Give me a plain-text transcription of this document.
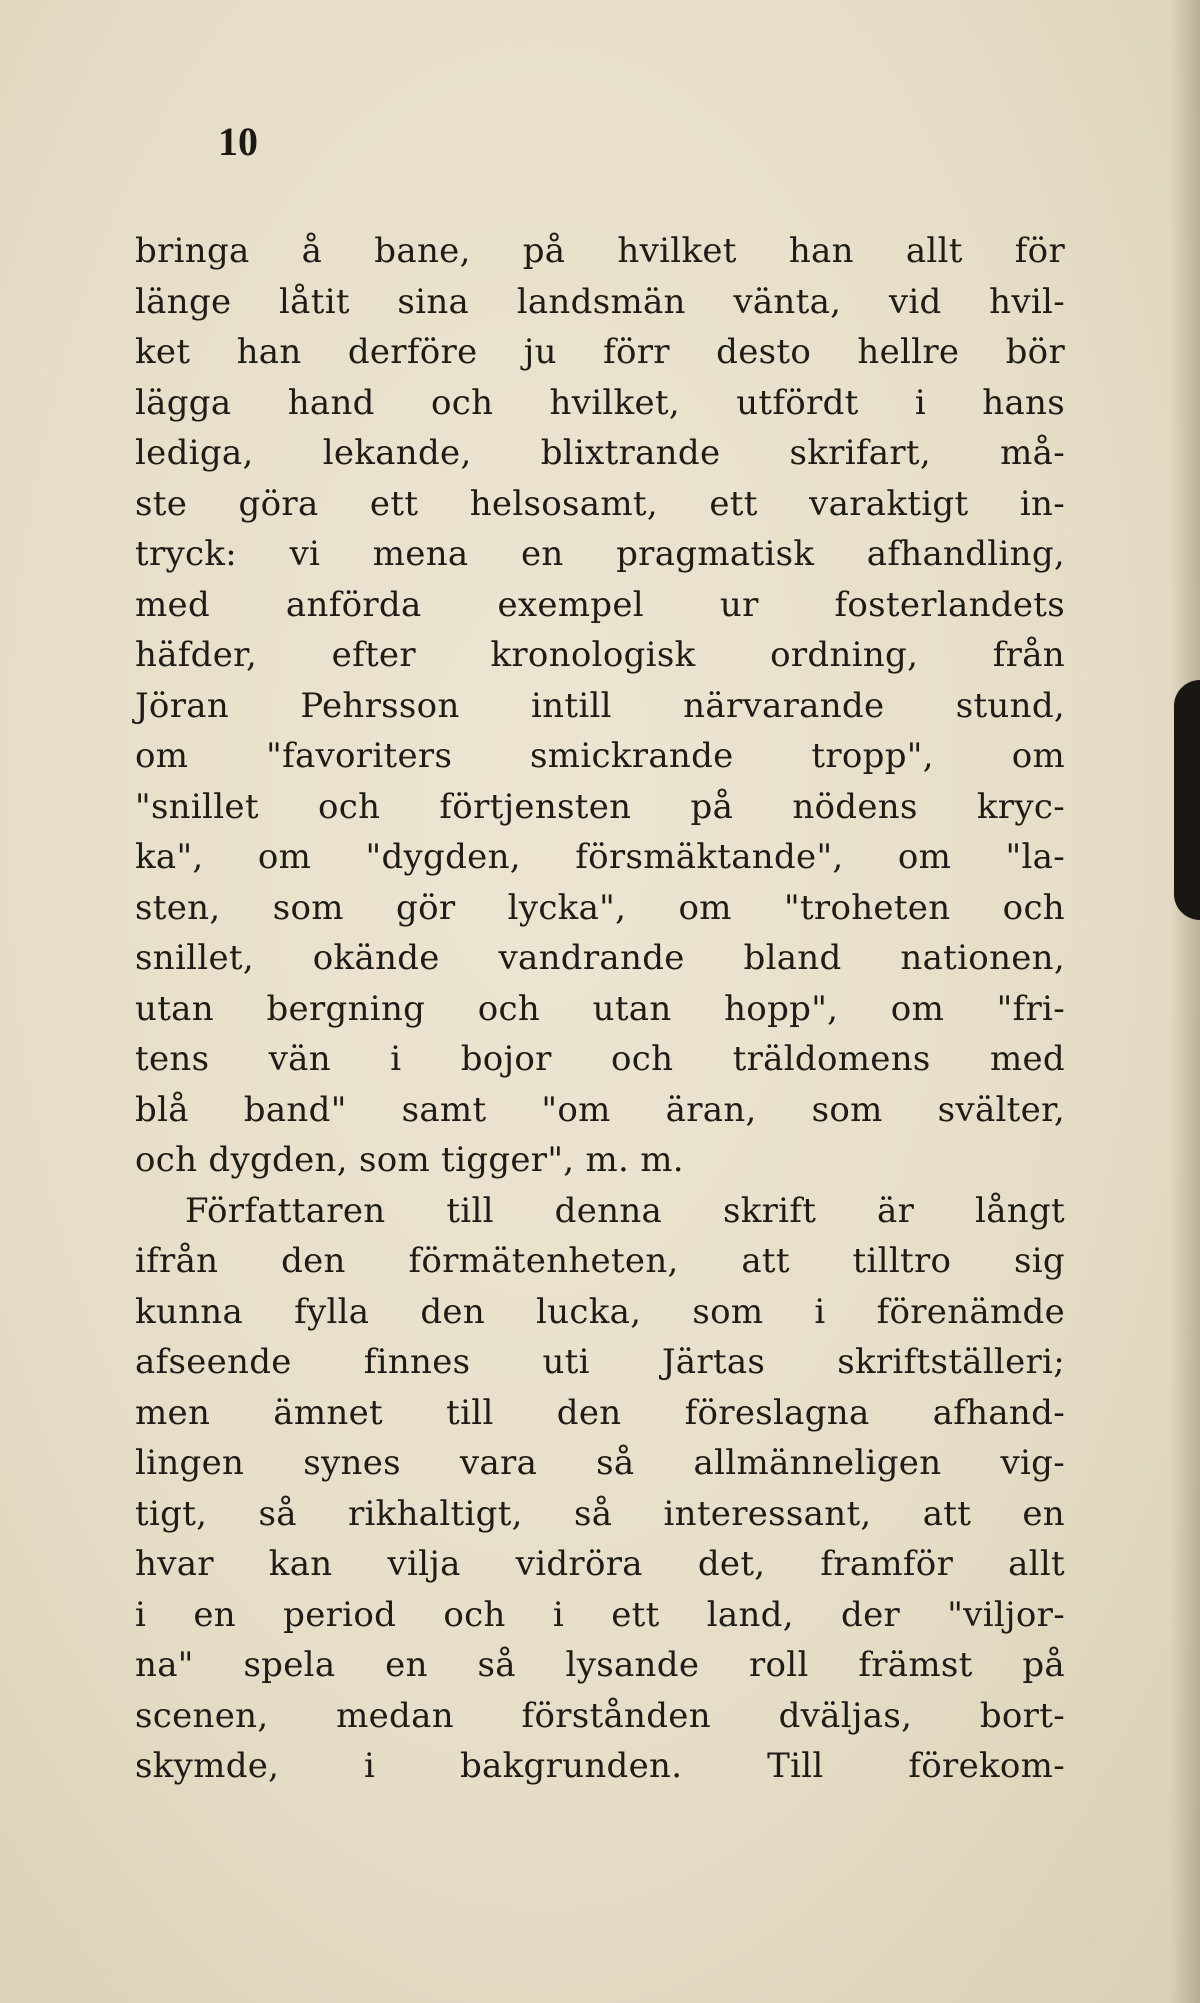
10
bringa å bane, på hvilket han allt för
länge låtit sina landsmän vänta, vid hvil-
ket han derföre ju förr desto hellre bör
lägga hand och hvilket, utfördt i hans
lediga, lekande, blixtrande skrifart, må-
ste göra ett helsosamt, ett varaktigt in-
tryck: vi mena en pragmatisk afhandling,
med anförda exempel ur fosterlandets
häfder, efter kronologisk ordning, från
Jöran Pehrsson intill närvarande stund,
om "favoriters smickrande tropp", om
"snillet och förtjensten på nödens kryc-
ka", om "dygden, försmäktande", om "la-
sten, som gör lycka", om "troheten och
snillet, okände vandrande bland nationen,
utan bergning och utan hopp", om "fri-
tens vän i bojor och träldomens med
blå band" samt "om äran, som svälter,
och dygden, som tigger", m. m.
Författaren till denna skrift är långt
ifrån den förmätenheten, att tilltro sig
kunna fylla den lucka, som i förenämde
afseende finnes uti Järtas skriftställeri;
men ämnet till den föreslagna afhand-
lingen synes vara så allmänneligen vig-
tigt, så rikhaltigt, så interessant, att en
hvar kan vilja vidröra det, framför allt
i en period och i ett land, der "viljor-
na" spela en så lysande roll främst på
scenen, medan förstånden dväljas, bort-
skymde, i bakgrunden. Till förekom-
